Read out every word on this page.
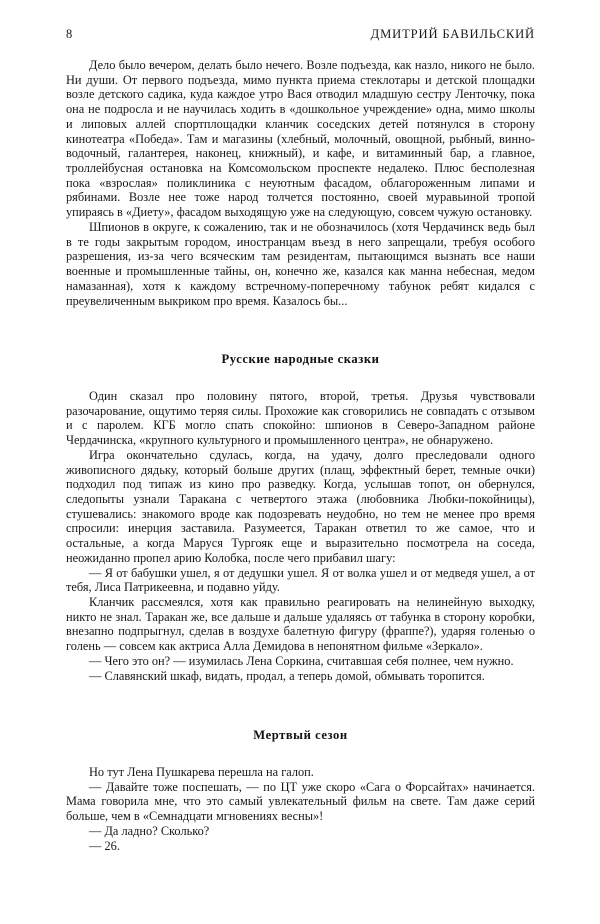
8	ДМИТРИЙ БАВИЛЬСКИЙ

Дело было вечером, делать было нечего. Возле подъезда, как назло, никого не было. Ни души. От первого подъезда, мимо пункта приема стеклотары и детской площадки возле детского садика, куда каждое утро Вася отводил младшую сестру Ленточку, пока она не подросла и не научилась ходить в «дошкольное учреждение» одна, мимо школы и липовых аллей спортплощадки кланчик соседских детей потянулся в сторону кинотеатра «Победа». Там и магазины (хлебный, молочный, овощной, рыбный, винно-водочный, галантерея, наконец, книжный), и кафе, и витаминный бар, а главное, троллейбусная остановка на Комсомольском проспекте недалеко. Плюс бесполезная пока «взрослая» поликлиника с неуютным фасадом, облагороженным липами и рябинами. Возле нее тоже народ толчется постоянно, своей муравьиной тропой упираясь в «Диету», фасадом выходящую уже на следующую, совсем чужую остановку.

Шпионов в округе, к сожалению, так и не обозначилось (хотя Чердачинск ведь был в те годы закрытым городом, иностранцам въезд в него запрещали, требуя особого разрешения, из-за чего всяческим там резидентам, пытающимся вызнать все наши военные и промышленные тайны, он, конечно же, казался как манна небесная, медом намазанная), хотя к каждому встречному-поперечному табунок ребят кидался с преувеличенным выкриком про время. Казалось бы...

Русские народные сказки

Один сказал про половину пятого, второй, третья. Друзья чувствовали разочарование, ощутимо теряя силы. Прохожие как сговорились не совпадать с отзывом и с паролем. КГБ могло спать спокойно: шпионов в Северо-Западном районе Чердачинска, «крупного культурного и промышленного центра», не обнаружено.

Игра окончательно сдулась, когда, на удачу, долго преследовали одного живописного дядьку, который больше других (плащ, эффектный берет, темные очки) подходил под типаж из кино про разведку. Когда, услышав топот, он обернулся, следопыты узнали Таракана с четвертого этажа (любовника Любки-покойницы), стушевались: знакомого вроде как подозревать неудобно, но тем не менее про время спросили: инерция заставила. Разумеется, Таракан ответил то же самое, что и остальные, а когда Маруся Тургояк еще и выразительно посмотрела на соседа, неожиданно пропел арию Колобка, после чего прибавил шагу:

— Я от бабушки ушел, я от дедушки ушел. Я от волка ушел и от медведя ушел, а от тебя, Лиса Патрикеевна, и подавно уйду.

Кланчик рассмеялся, хотя как правильно реагировать на нелинейную выходку, никто не знал. Таракан же, все дальше и дальше удаляясь от табунка в сторону коробки, внезапно подпрыгнул, сделав в воздухе балетную фигуру (фраппе?), ударяя голенью о голень — совсем как актриса Алла Демидова в непонятном фильме «Зеркало».

— Чего это он? — изумилась Лена Соркина, считавшая себя полнее, чем нужно.

— Славянский шкаф, видать, продал, а теперь домой, обмывать торопится.

Мертвый сезон

Но тут Лена Пушкарева перешла на галоп.

— Давайте тоже поспешать, — по ЦТ уже скоро «Сага о Форсайтах» начинается. Мама говорила мне, что это самый увлекательный фильм на свете. Там даже серий больше, чем в «Семнадцати мгновениях весны»!

— Да ладно? Сколько?

— 26.
